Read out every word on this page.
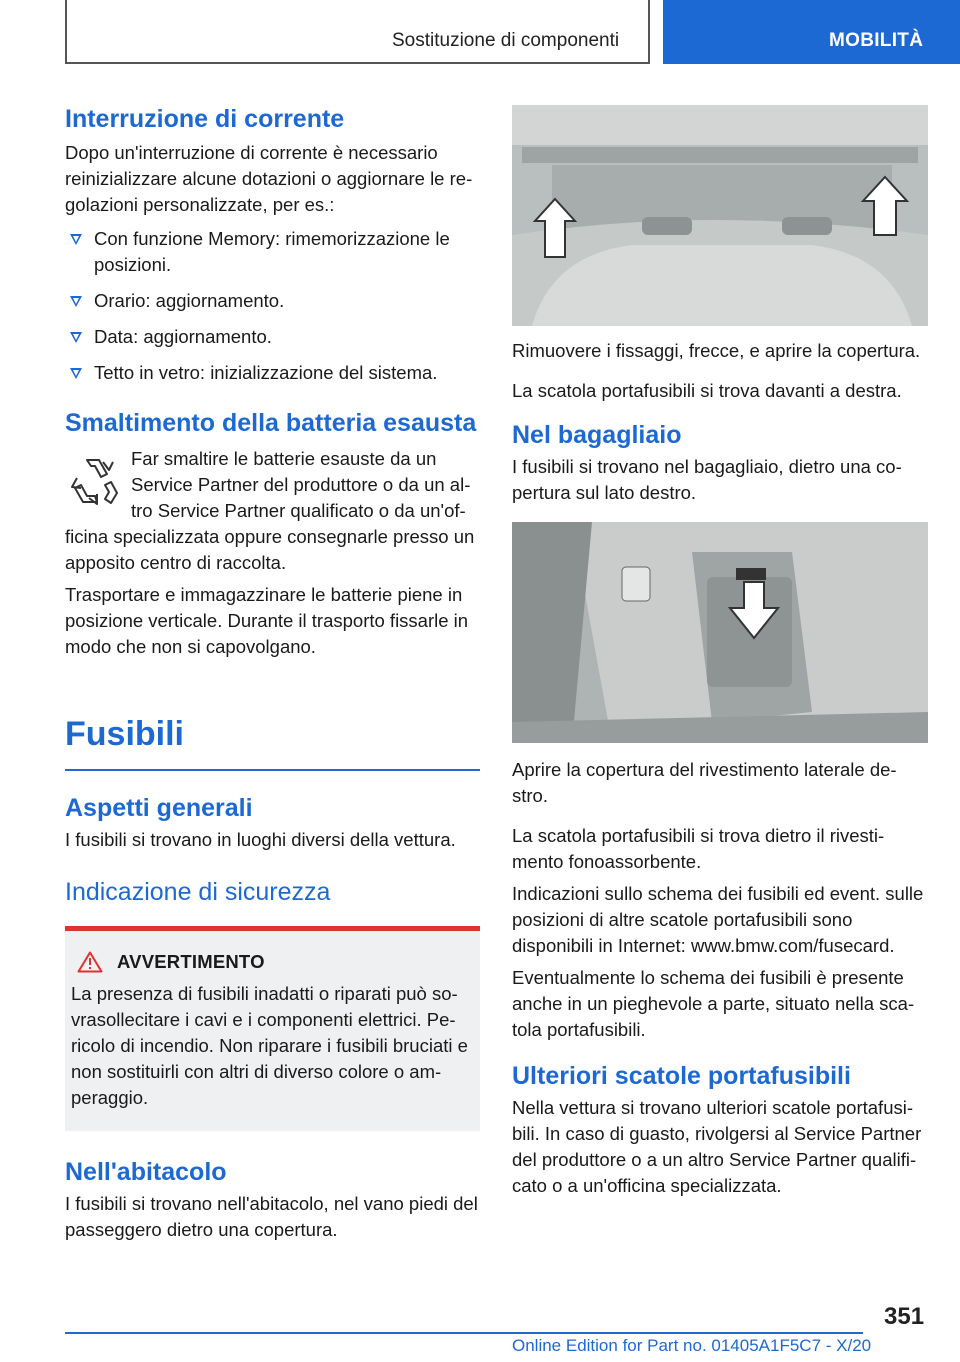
Sostituzione di componenti	MOBILITÀ
Interruzione di corrente

Dopo un'interruzione di corrente è necessario reinizializzare alcune dotazioni o aggiornare le re-golazioni personalizzate, per es.:

Con funzione Memory: rimemorizzazione le posizioni.
Orario: aggiornamento.
Data: aggiornamento.
Tetto in vetro: inizializzazione del sistema.
Smaltimento della batteria esausta

Far smaltire le batterie esauste da un Service Partner del produttore o da un al-tro Service Partner qualificato o da un'of-ficina specializzata oppure consegnarle presso un apposito centro di raccolta.

Trasportare e immagazzinare le batterie piene in posizione verticale. Durante il trasporto fissarle in modo che non si capovolgano.

Fusibili
Aspetti generali

I fusibili si trovano in luoghi diversi della vettura.

Indicazione di sicurezza
AVVERTIMENTO

La presenza di fusibili inadatti o riparati può so-vrasollecitare i cavi e i componenti elettrici. Pe-ricolo di incendio. Non riparare i fusibili bruciati e non sostituirli con altri di diverso colore o am-peraggio.

Nell'abitacolo

I fusibili si trovano nell'abitacolo, nel vano piedi del passeggero dietro una copertura.

Rimuovere i fissaggi, frecce, e aprire la copertura.

La scatola portafusibili si trova davanti a destra.

Nel bagagliaio

I fusibili si trovano nel bagagliaio, dietro una co-pertura sul lato destro.

Aprire la copertura del rivestimento laterale de-stro.

La scatola portafusibili si trova dietro il rivesti-mento fonoassorbente.

Indicazioni sullo schema dei fusibili ed event. sulle posizioni di altre scatole portafusibili sono disponibili in Internet: www.bmw.com/fusecard.

Eventualmente lo schema dei fusibili è presente anche in un pieghevole a parte, situato nella sca-tola portafusibili.

Ulteriori scatole portafusibili

Nella vettura si trovano ulteriori scatole portafusi-bili. In caso di guasto, rivolgersi al Service Partner del produttore o a un altro Service Partner qualifi-cato o a un'officina specializzata.

351
Online Edition for Part no. 01405A1F5C7 - X/20
